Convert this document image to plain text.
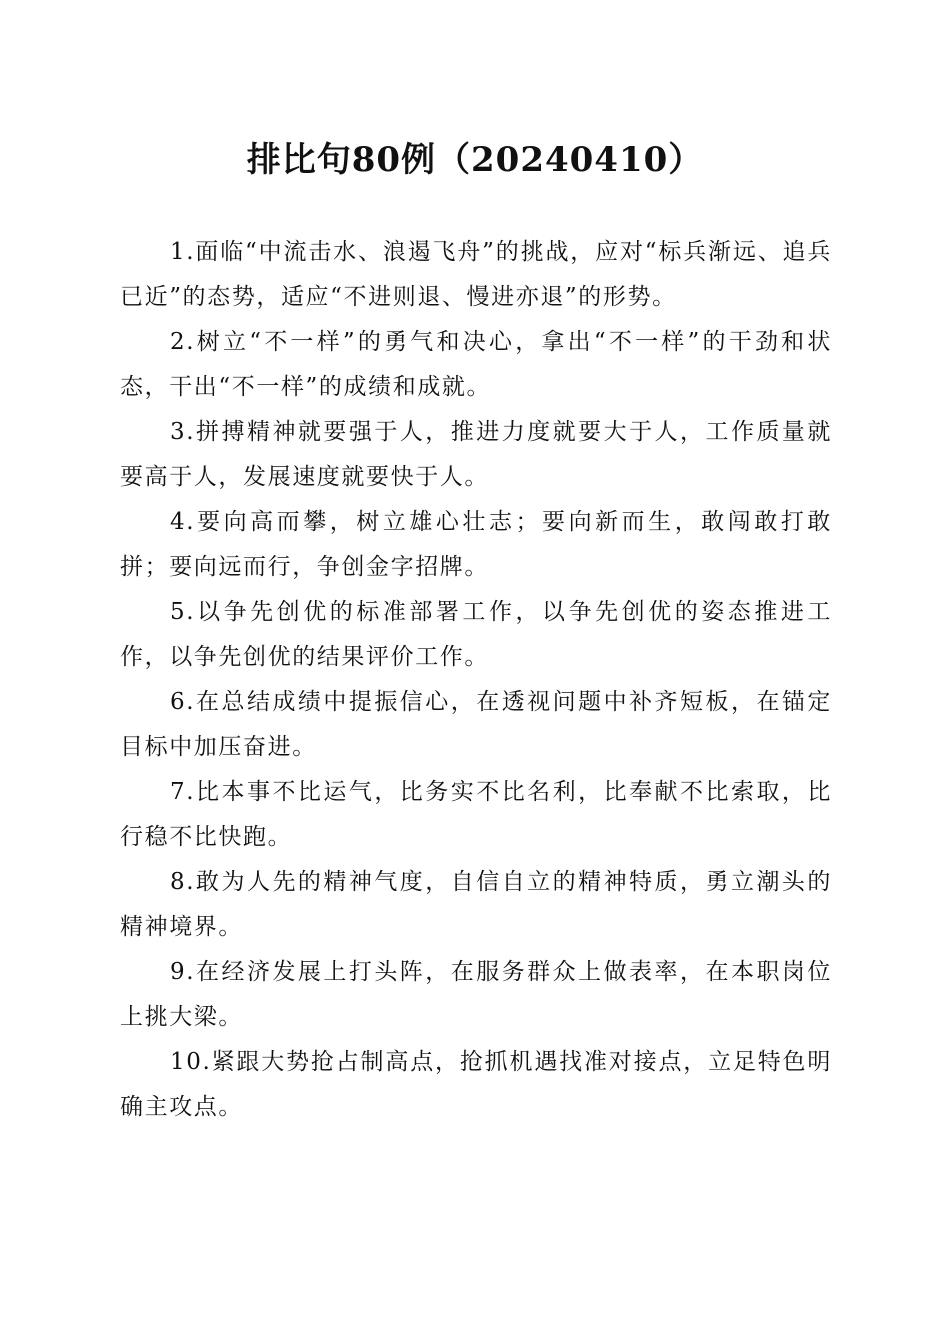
排比句80例（20240410）

1.面临“中流击水、浪遏飞舟”的挑战，应对“标兵渐远、追兵已近”的态势，适应“不进则退、慢进亦退”的形势。

2.树立“不一样”的勇气和决心，拿出“不一样”的干劲和状态，干出“不一样”的成绩和成就。

3.拼搏精神就要强于人，推进力度就要大于人，工作质量就要高于人，发展速度就要快于人。

4.要向高而攀，树立雄心壮志；要向新而生，敢闯敢打敢拼；要向远而行，争创金字招牌。

5.以争先创优的标准部署工作，以争先创优的姿态推进工作，以争先创优的结果评价工作。

6.在总结成绩中提振信心，在透视问题中补齐短板，在锚定目标中加压奋进。

7.比本事不比运气，比务实不比名利，比奉献不比索取，比行稳不比快跑。

8.敢为人先的精神气度，自信自立的精神特质，勇立潮头的精神境界。

9.在经济发展上打头阵，在服务群众上做表率，在本职岗位上挑大梁。

10.紧跟大势抢占制高点，抢抓机遇找准对接点，立足特色明确主攻点。
